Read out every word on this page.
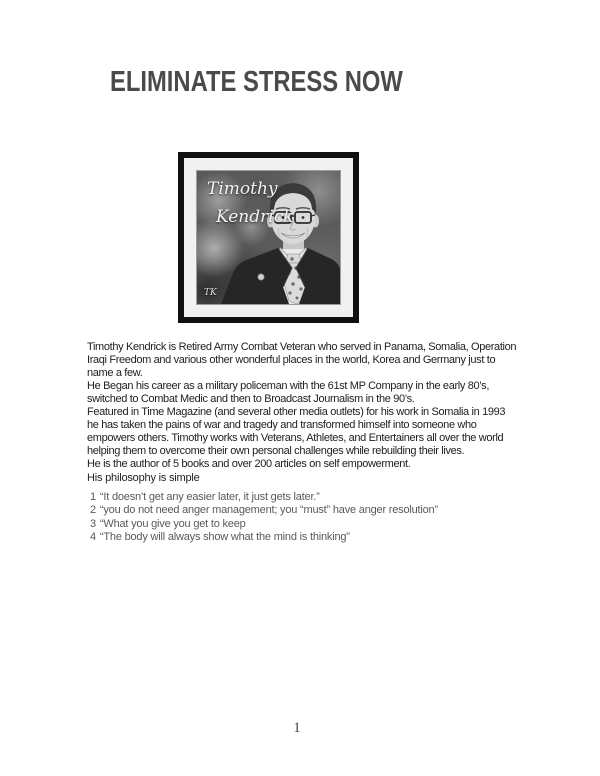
ELIMINATE STRESS NOW
Timothy
Kendrick
TK

Timothy Kendrick is Retired Army Combat Veteran who served in Panama, Somalia, Operation Iraqi Freedom and various other wonderful places in the world, Korea and Germany just to name a few.

He Began his career as a military policeman with the 61st MP Company in the early 80’s, switched to Combat Medic and then to Broadcast Journalism in the 90’s.

Featured in Time Magazine (and several other media outlets) for his work in Somalia in 1993 he has taken the pains of war and tragedy and transformed himself into someone who empowers others. Timothy works with Veterans, Athletes, and Entertainers all over the world helping them to overcome their own personal challenges while rebuilding their lives.

He is the author of 5 books and over 200 articles on self empowerment.

His philosophy is simple
1 “It doesn’t get any easier later, it just gets later.”
2 “you do not need anger management; you “must” have anger resolution”
3 “What you give you get to keep
4 “The body will always show what the mind is thinking”
1
